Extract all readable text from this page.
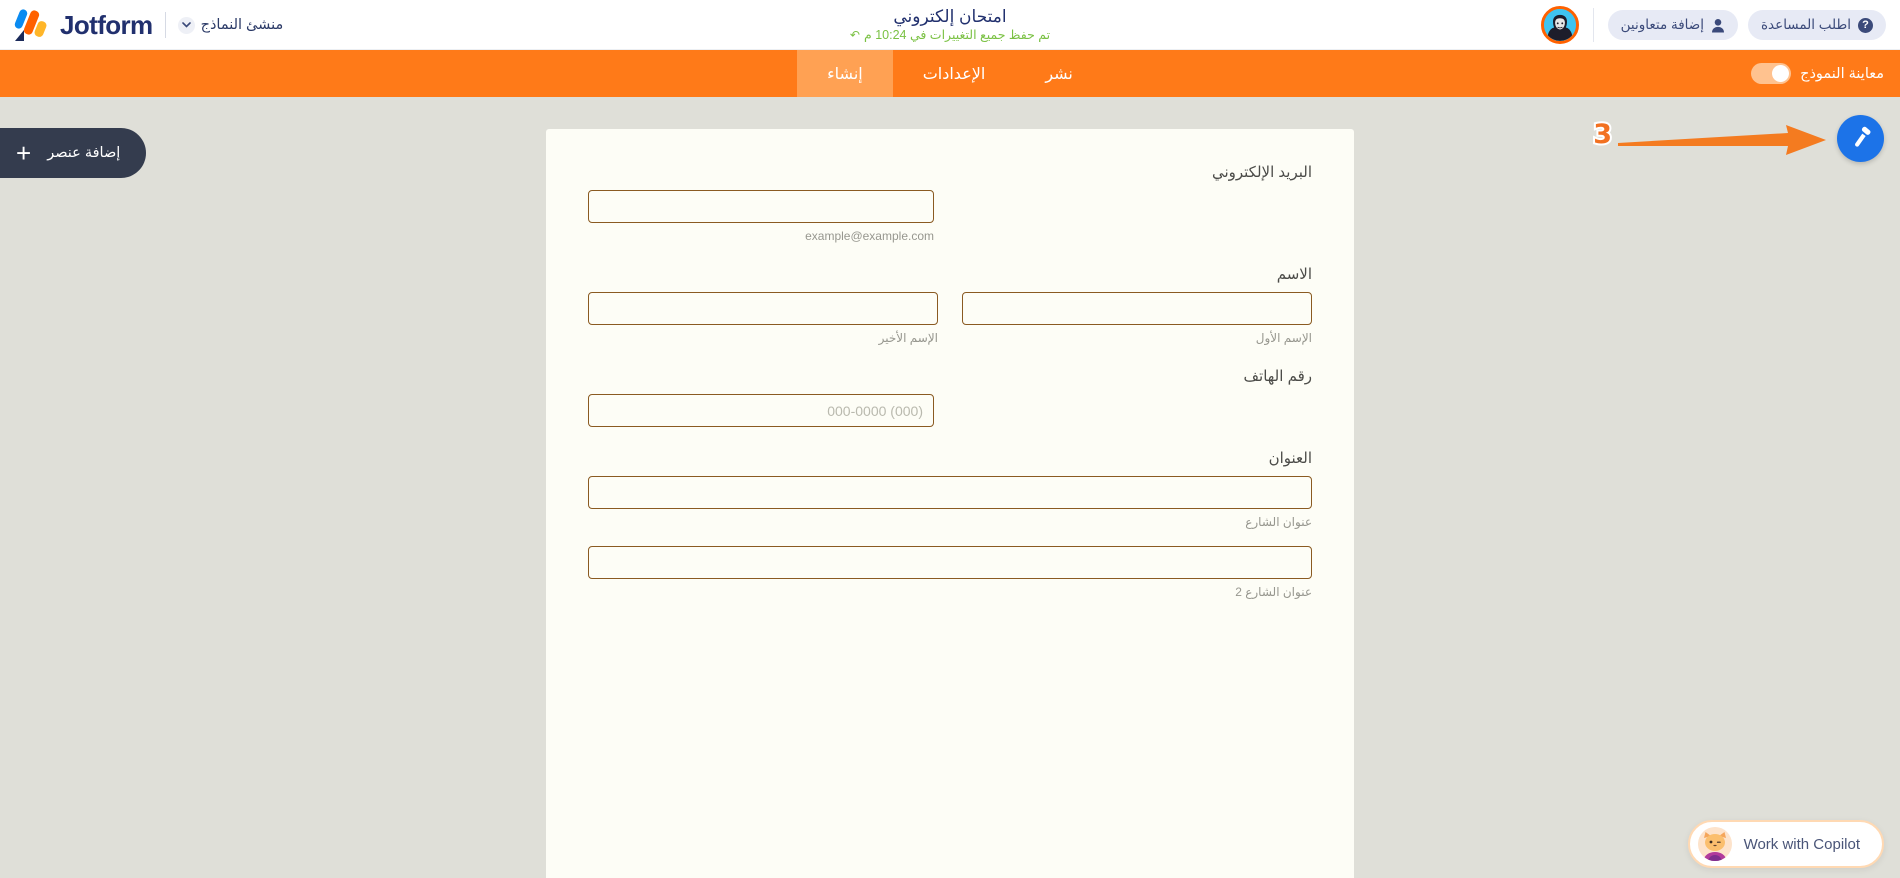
Jotform	منشئ النماذج	امتحان إلكتروني
تم حفظ جميع التغييرات في 10:24 م
↶
?
اطلب المساعدة
إضافة متعاونين
نشر
الإعدادات
إنشاء	معاينة النموذج
+ إضافة عنصر
البريد الإلكتروني
example@example.com
الاسم
الإسم الأول
الإسم الأخير
رقم الهاتف
(000) 000-0000
العنوان
عنوان الشارع
عنوان الشارع 2
3
Work with Copilot
